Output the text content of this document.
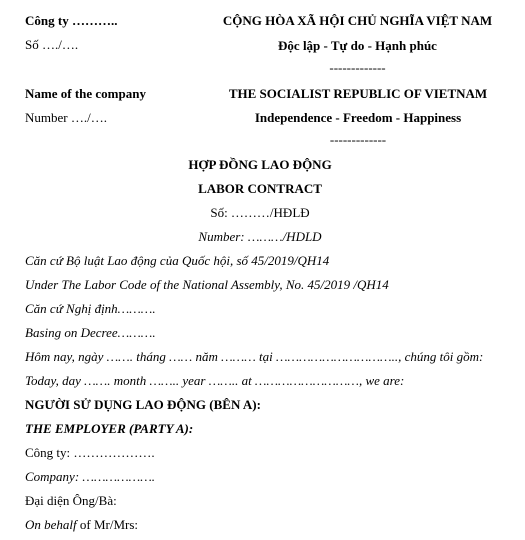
Công ty ………..
Số …./….
CỘNG HÒA XÃ HỘI CHỦ NGHĨA VIỆT NAM
Độc lập - Tự do - Hạnh phúc
-------------
Name of the company
Number …./….
THE SOCIALIST REPUBLIC OF VIETNAM
Independence - Freedom - Happiness
-------------
HỢP ĐỒNG LAO ĐỘNG
LABOR CONTRACT
Số: ………/HĐLĐ
Number: ………/HDLD
Căn cứ Bộ luật Lao động của Quốc hội, số 45/2019/QH14
Under The Labor Code of the National Assembly, No. 45/2019 /QH14
Căn cứ Nghị định……….
Basing on Decree……….
Hôm nay, ngày ……. tháng …… năm ……… tại ………………………….., chúng tôi gồm:
Today, day ……. month …….. year …….. at ………………………, we are:
NGƯỜI SỬ DỤNG LAO ĐỘNG (BÊN A):
THE EMPLOYER (PARTY A):
Công ty: ……………….
Company: ……………….
Đại diện Ông/Bà:
On behalf of Mr/Mrs:
